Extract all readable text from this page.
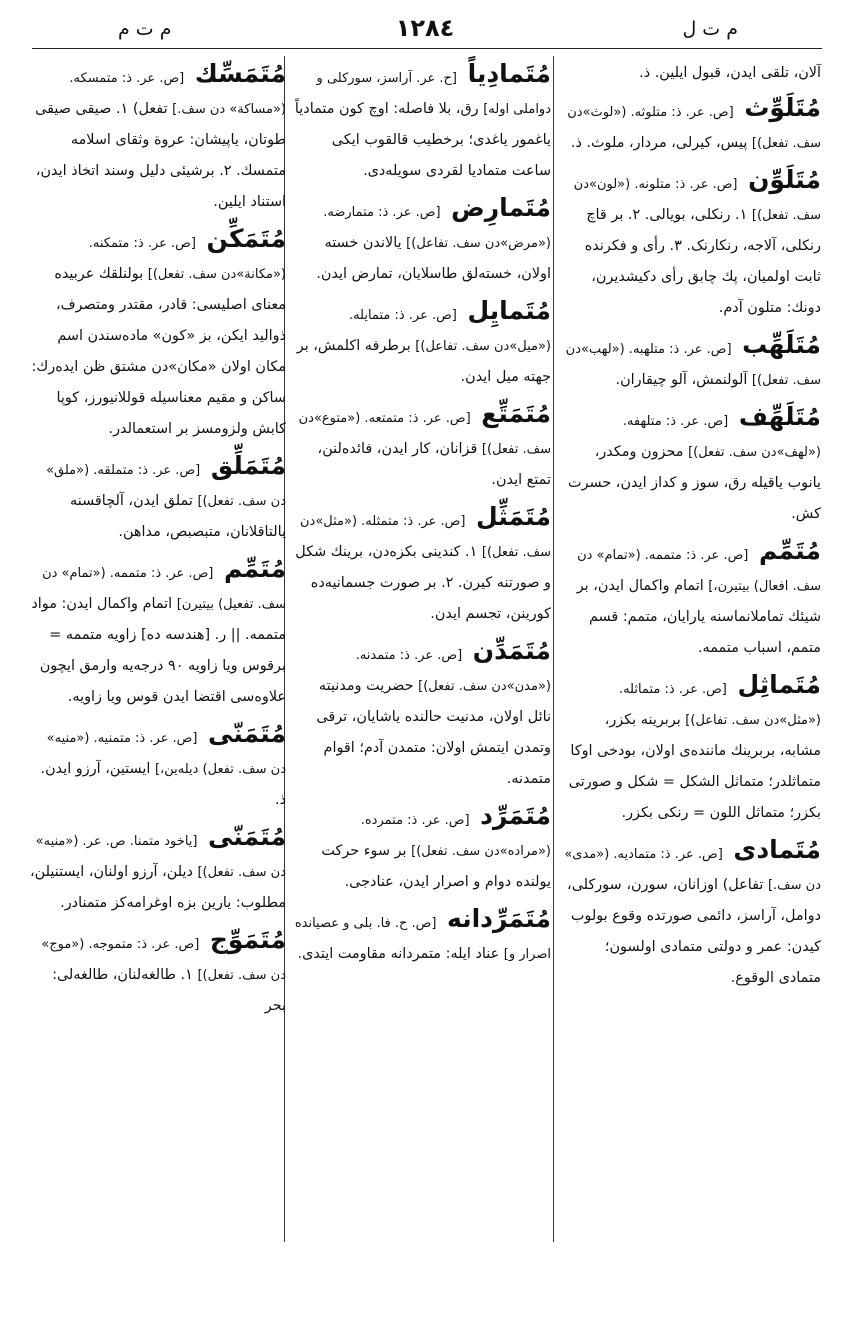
م ت م	١٢٨٤	م ت ل
آلان، تلقی ایدن، قبول ایلین. ذ.
مُتَلَوِّث [ص. عر. ذ: متلوثه. («لوث»دن سف. تفعل)] پیس، کیرلی، مردار، ملوث. ذ.
مُتَلَوِّن [ص. عر. ذ: متلونه. («لون»دن سف. تفعل)] ١. رنکلی، بویالی. ٢. بر قاچ رنکلی، آلاجه، رنکارنک. ٣. رأی و فکرنده ثابت اولمیان، پك چابق رأی دکیشدیرن، دونك: متلون آدم.
مُتَلَهِّب [ص. عر. ذ: متلهبه. («لهب»دن سف. تفعل)] آلولنمش، آلو چیقاران.
مُتَلَهِّف [ص. عر. ذ: متلهفه. («لهف»دن سف. تفعل)] محزون ومکدر، یانوب یاقیله رق، سوز و کداز ایدن، حسرت کش.
مُتَمِّم [ص. عر. ذ: متممه. («تمام» دن سف. افعال) بیتیرن،] اتمام واکمال ایدن، بر شیئك تماملانماسنه یارایان، متمم: قسم متمم، اسباب متممه.
مُتَماثِل [ص. عر. ذ: متماثله. («مثل»دن سف. تفاعل)] بربرینه بکزر، مشابه، بربرینك ماننده‌ی اولان، بودخی اوکا متماثلدر؛ متماثل الشکل = شکل و صورتی بکزر؛ متماثل اللون = رنکی بکزر.
مُتَمادی [ص. عر. ذ: متمادیه. («مدی» دن سف.] تفاعل) اوزانان، سورن، سورکلی، دوامل، آراسز، دائمی صورتده وقوع بولوب کیدن: عمر و دولتی متمادی اولسون؛ متمادی الوقوع.
مُتَمادِیاً [ح. عر. آراسز، سورکلی و دواملی اوله‌] رق، بلا فاصله: اوچ کون متمادیاً یاغمور یاغدی؛ برخطیب قالقوب ایکی ساعت متمادیا لقردی سویله‌دی.
مُتَمارِض [ص. عر. ذ: متمارضه. («مرض»دن سف. تفاعل)] یالاندن خسته اولان، خسته‌لق طاسلایان، تمارض ایدن.
مُتَمایِل [ص. عر. ذ: متمایله. («میل»دن سف. تفاعل)] برطرفه اکلمش، بر جهته میل ایدن.
مُتَمَتِّع [ص. عر. ذ: متمتعه. («متوع»دن سف. تفعل)] قزانان، کار ایدن، فائده‌لنن، تمتع ایدن.
مُتَمَثِّل [ص. عر. ذ: متمثله. («مثل»دن سف. تفعل)] ١. کندینی بکزه‌دن، برینك شکل و صورتنه کیرن. ٢. بر صورت جسمانیه‌ده کورینن، تجسم ایدن.
مُتَمَدِّن [ص. عر. ذ: متمدنه. («مدن»دن سف. تفعل)] حضریت ومدنیته نائل اولان، مدنیت حالنده یاشایان، ترقی وتمدن ایتمش اولان: متمدن آدم؛ اقوام متمدنه.
مُتَمَرِّد [ص. عر. ذ: متمرده. («مراده»دن سف. تفعل)] بر سوء حرکت یولنده دوام و اصرار ایدن، عنادجی.
مُتَمَرِّدانه [ص. ح. فا. بلی و عصیانده اصرار و] عناد ایله: متمردانه مقاومت ایتدی.
مُتَمَسِّك [ص. عر. ذ: متمسکه. («مساکة» دن سف.] تفعل) ١. صیقی صیقی طوتان، یاپیشان: عروة وثقای اسلامه متمسك. ٢. برشیئی دلیل وسند اتخاذ ایدن، استناد ایلین.
مُتَمَكِّن [ص. عر. ذ: متمکنه. («مکانة»دن سف. تفعل)] بولنلقك عربیده معنای اصلیسی: قادر، مقتدر ومتصرف، ذوالید ایکن، بز «کون» ماده‌سندن اسم مکان اولان «مکان»دن مشتق ظن ایده‌رك: ساکن و مقیم معناسیله قوللانیورز، کوپا کابش ولزومسز بر استعمالدر.
مُتَمَلِّق [ص. عر. ذ: متملقه. («ملق» دن سف. تفعل)] تملق ایدن، آلچاقسنه یالتاقلانان، متبصبص، مداهن.
مُتَمِّم [ص. عر. ذ: متممه. («تمام» دن سف. تفعیل) بیتیرن] اتمام واکمال ایدن: مواد متممه. || ر. [هندسه ده] زاویه متممه = برقوس ویا زاویه ٩٠ درجه‌یه وارمق ایچون علاوه‌سی اقتضا ایدن قوس ویا زاویه.
مُتَمَنّی [ص. عر. ذ: متمنیه. («منیه» دن سف. تفعل) دیله‌ین،] ایستین، آرزو ایدن. ذ.
مُتَمَنّی [یاخود متمنا. ص. عر. («منیه» دن سف. تفعل)] دیلن، آرزو اولنان، ایستنیلن، مطلوب: یارین بزه اوغرامه‌کز متمنادر.
مُتَمَوِّج [ص. عر. ذ: متموجه. («موج» دن سف. تفعل)] ١. طالغه‌لنان، طالغه‌لی: بحر
